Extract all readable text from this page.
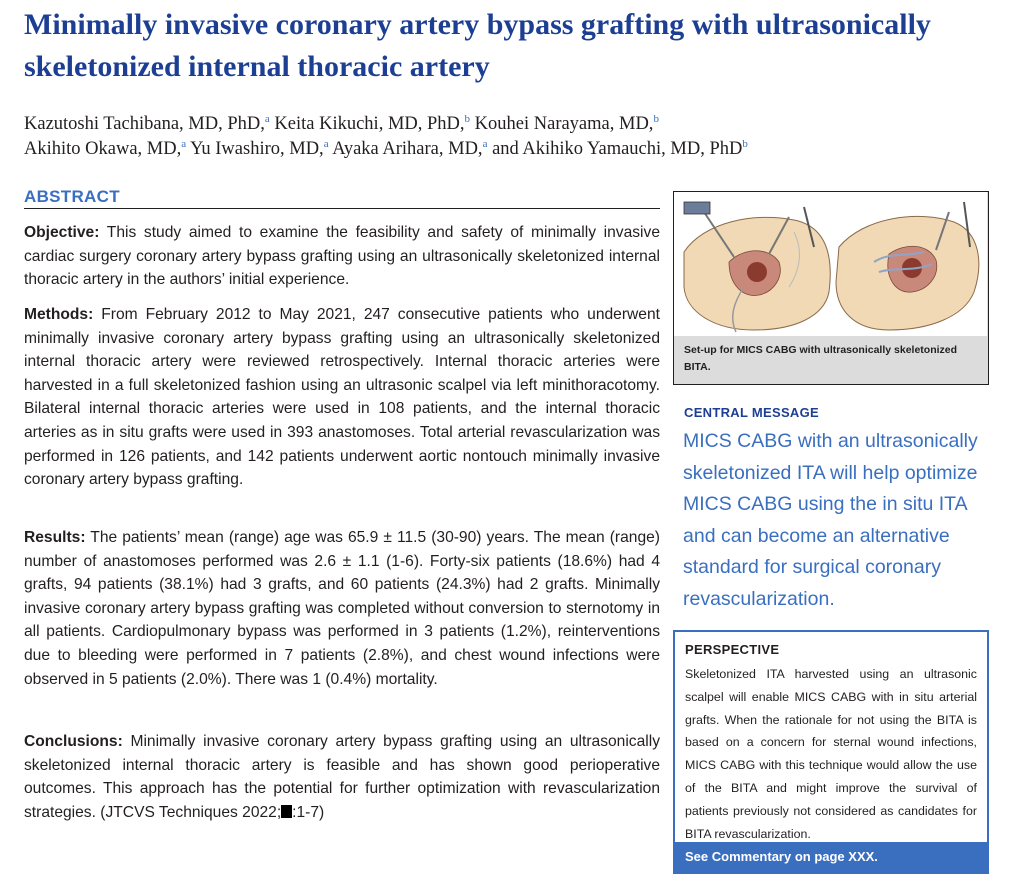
Minimally invasive coronary artery bypass grafting with ultrasonically skeletonized internal thoracic artery

Kazutoshi Tachibana, MD, PhD,$^a$ Keita Kikuchi, MD, PhD,$^b$ Kouhei Narayama, MD,$^b$
Akihito Okawa, MD,$^a$ Yu Iwashiro, MD,$^a$ Ayaka Arihara, MD,$^a$ and Akihiko Yamauchi, MD, PhD$^b$

ABSTRACT

Objective: This study aimed to examine the feasibility and safety of minimally invasive cardiac surgery coronary artery bypass grafting using an ultrasonically skeletonized internal thoracic artery in the authors’ initial experience.

Methods: From February 2012 to May 2021, 247 consecutive patients who underwent minimally invasive coronary artery bypass grafting using an ultrasonically skeletonized internal thoracic artery were reviewed retrospectively. Internal thoracic arteries were harvested in a full skeletonized fashion using an ultrasonic scalpel via left minithoracotomy. Bilateral internal thoracic arteries were used in 108 patients, and the internal thoracic arteries as in situ grafts were used in 393 anastomoses. Total arterial revascularization was performed in 126 patients, and 142 patients underwent aortic nontouch minimally invasive coronary artery bypass grafting.

Results: The patients’ mean (range) age was 65.9 ± 11.5 (30-90) years. The mean (range) number of anastomoses performed was 2.6 ± 1.1 (1-6). Forty-six patients (18.6%) had 4 grafts, 94 patients (38.1%) had 3 grafts, and 60 patients (24.3%) had 2 grafts. Minimally invasive coronary artery bypass grafting was completed without conversion to sternotomy in all patients. Cardiopulmonary bypass was performed in 3 patients (1.2%), reinterventions due to bleeding were performed in 7 patients (2.8%), and chest wound infections were observed in 5 patients (2.0%). There was 1 (0.4%) mortality.

Conclusions: Minimally invasive coronary artery bypass grafting using an ultrasonically skeletonized internal thoracic artery is feasible and has shown good perioperative outcomes. This approach has the potential for further optimization with revascularization strategies. (JTCVS Techniques 2022; :1-7)

Set-up for MICS CABG with ultrasonically skeletonized BITA.

CENTRAL MESSAGE

MICS CABG with an ultrasonically skeletonized ITA will help optimize MICS CABG using the in situ ITA and can become an alternative standard for surgical coronary revascularization.

PERSPECTIVE

Skeletonized ITA harvested using an ultrasonic scalpel will enable MICS CABG with in situ arterial grafts. When the rationale for not using the BITA is based on a concern for sternal wound infections, MICS CABG with this technique would allow the use of the BITA and might improve the survival of patients previously not considered as candidates for BITA revascularization.

See Commentary on page XXX.
